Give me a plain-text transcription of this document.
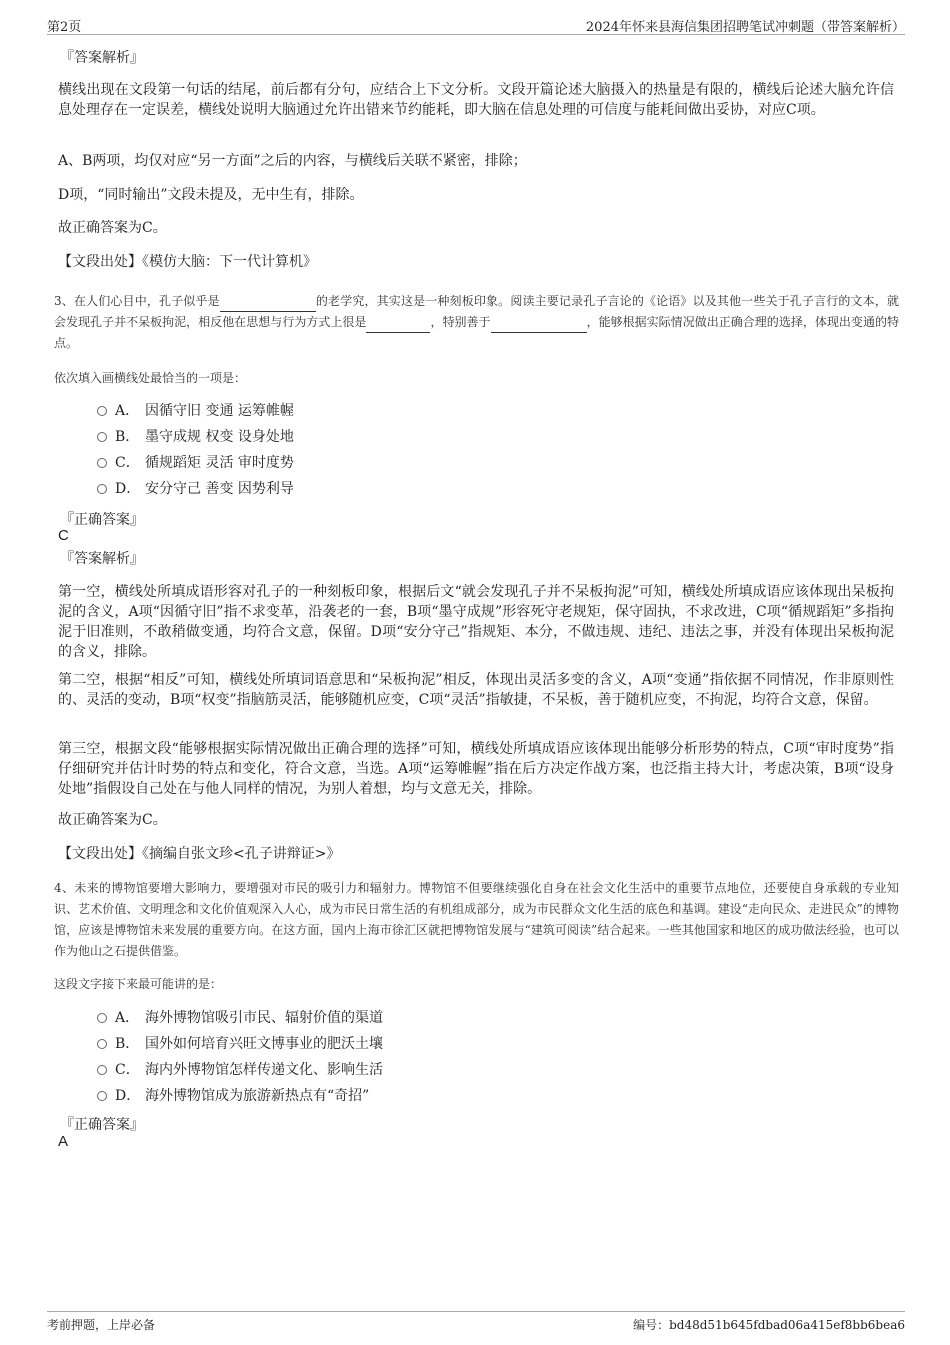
第2页	2024年怀来县海信集团招聘笔试冲刺题（带答案解析）
『答案解析』
横线出现在文段第一句话的结尾，前后都有分句，应结合上下文分析。文段开篇论述大脑摄入的热量是有限的，横线后论述大脑允许信息处理存在一定误差，横线处说明大脑通过允许出错来节约能耗，即大脑在信息处理的可信度与能耗间做出妥协，对应C项。
A、B两项，均仅对应“另一方面”之后的内容，与横线后关联不紧密，排除；
D项，“同时输出”文段未提及，无中生有，排除。
故正确答案为C。
【文段出处】《模仿大脑：下一代计算机》
3、在人们心目中，孔子似乎是	的老学究，其实这是一种刻板印象。阅读主要记录孔子言论的《论语》以及其他一些关于孔子言行的文本，就会发现孔子并不呆板拘泥，相反他在思想与行为方式上很是	，特别善于	，能够根据实际情况做出正确合理的选择，体现出变通的特点。
依次填入画横线处最恰当的一项是：
A． 因循守旧 变通 运筹帷幄
B． 墨守成规 权变 设身处地
C． 循规蹈矩 灵活 审时度势
D． 安分守己 善变 因势利导
『正确答案』
C
『答案解析』
第一空，横线处所填成语形容对孔子的一种刻板印象，根据后文“就会发现孔子并不呆板拘泥”可知，横线处所填成语应该体现出呆板拘泥的含义，A项“因循守旧”指不求变革，沿袭老的一套，B项“墨守成规”形容死守老规矩，保守固执，不求改进，C项“循规蹈矩”多指拘泥于旧准则，不敢稍做变通，均符合文意，保留。D项“安分守己”指规矩、本分，不做违规、违纪、违法之事，并没有体现出呆板拘泥的含义，排除。
第二空，根据“相反”可知，横线处所填词语意思和“呆板拘泥”相反，体现出灵活多变的含义，A项“变通”指依据不同情况，作非原则性的、灵活的变动，B项“权变”指脑筋灵活，能够随机应变，C项“灵活”指敏捷，不呆板，善于随机应变，不拘泥，均符合文意，保留。
第三空，根据文段“能够根据实际情况做出正确合理的选择”可知，横线处所填成语应该体现出能够分析形势的特点，C项“审时度势”指仔细研究并估计时势的特点和变化，符合文意，当选。A项“运筹帷幄”指在后方决定作战方案，也泛指主持大计，考虑决策，B项“设身处地”指假设自己处在与他人同样的情况，为别人着想，均与文意无关，排除。
故正确答案为C。
【文段出处】《摘编自张文珍<孔子讲辩证>》
4、未来的博物馆要增大影响力，要增强对市民的吸引力和辐射力。博物馆不但要继续强化自身在社会文化生活中的重要节点地位，还要使自身承载的专业知识、艺术价值、文明理念和文化价值观深入人心，成为市民日常生活的有机组成部分，成为市民群众文化生活的底色和基调。建设“走向民众、走进民众”的博物馆，应该是博物馆未来发展的重要方向。在这方面，国内上海市徐汇区就把博物馆发展与“建筑可阅读”结合起来。一些其他国家和地区的成功做法经验，也可以作为他山之石提供借鉴。
这段文字接下来最可能讲的是：
A． 海外博物馆吸引市民、辐射价值的渠道
B． 国外如何培育兴旺文博事业的肥沃土壤
C． 海内外博物馆怎样传递文化、影响生活
D． 海外博物馆成为旅游新热点有“奇招”
『正确答案』
A
考前押题，上岸必备	编号：bd48d51b645fdbad06a415ef8bb6bea6
